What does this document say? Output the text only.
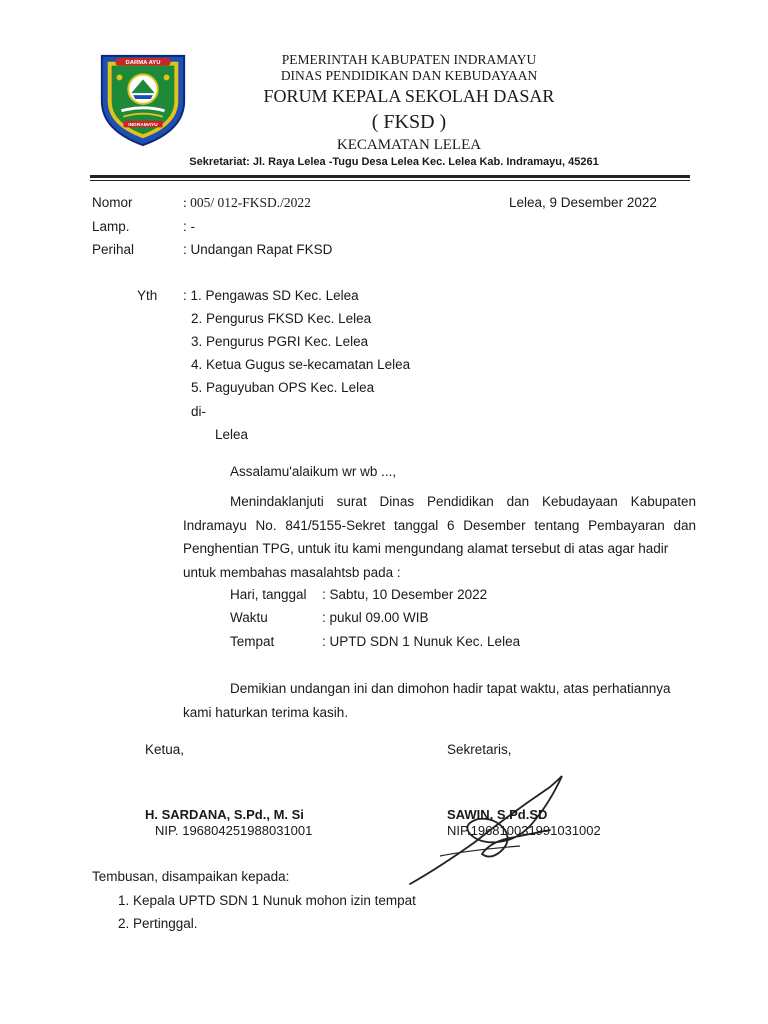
DARMA AYU
INDRAMAYU
PEMERINTAH KABUPATEN INDRAMAYU
DINAS PENDIDIKAN DAN KEBUDAYAAN
FORUM KEPALA SEKOLAH DASAR
( FKSD )
KECAMATAN LELEA
Sekretariat: Jl. Raya Lelea -Tugu Desa Lelea Kec. Lelea Kab. Indramayu, 45261
Nomor	: 005/ 012-FKSD./2022	Lelea, 9 Desember 2022
Lamp.	: -
Perihal	: Undangan Rapat FKSD
Yth : 1. Pengawas SD Kec. Lelea
2. Pengurus FKSD Kec. Lelea
3. Pengurus PGRI Kec. Lelea
4. Ketua Gugus se-kecamatan Lelea
5. Paguyuban OPS Kec. Lelea
di-
Lelea
Assalamu'alaikum wr wb ...,
Menindaklanjuti surat Dinas Pendidikan dan Kebudayaan Kabupaten Indramayu No. 841/5155-Sekret tanggal 6 Desember tentang Pembayaran dan Penghentian TPG, untuk itu kami mengundang alamat tersebut di atas agar hadir
untuk membahas masalahtsb pada :
Hari, tanggal : Sabtu, 10 Desember 2022
Waktu	: pukul 09.00 WIB
Tempat	: UPTD SDN 1 Nunuk Kec. Lelea
Demikian undangan ini dan dimohon hadir tapat waktu, atas perhatiannya
kami haturkan terima kasih.
Ketua,	Sekretaris,
H. SARDANA, S.Pd., M. Si
NIP. 196804251988031001
SAWIN, S.Pd.SD
NIP.196810031991031002
Tembusan, disampaikan kepada:
1. Kepala UPTD SDN 1 Nunuk mohon izin tempat
2. Pertinggal.
